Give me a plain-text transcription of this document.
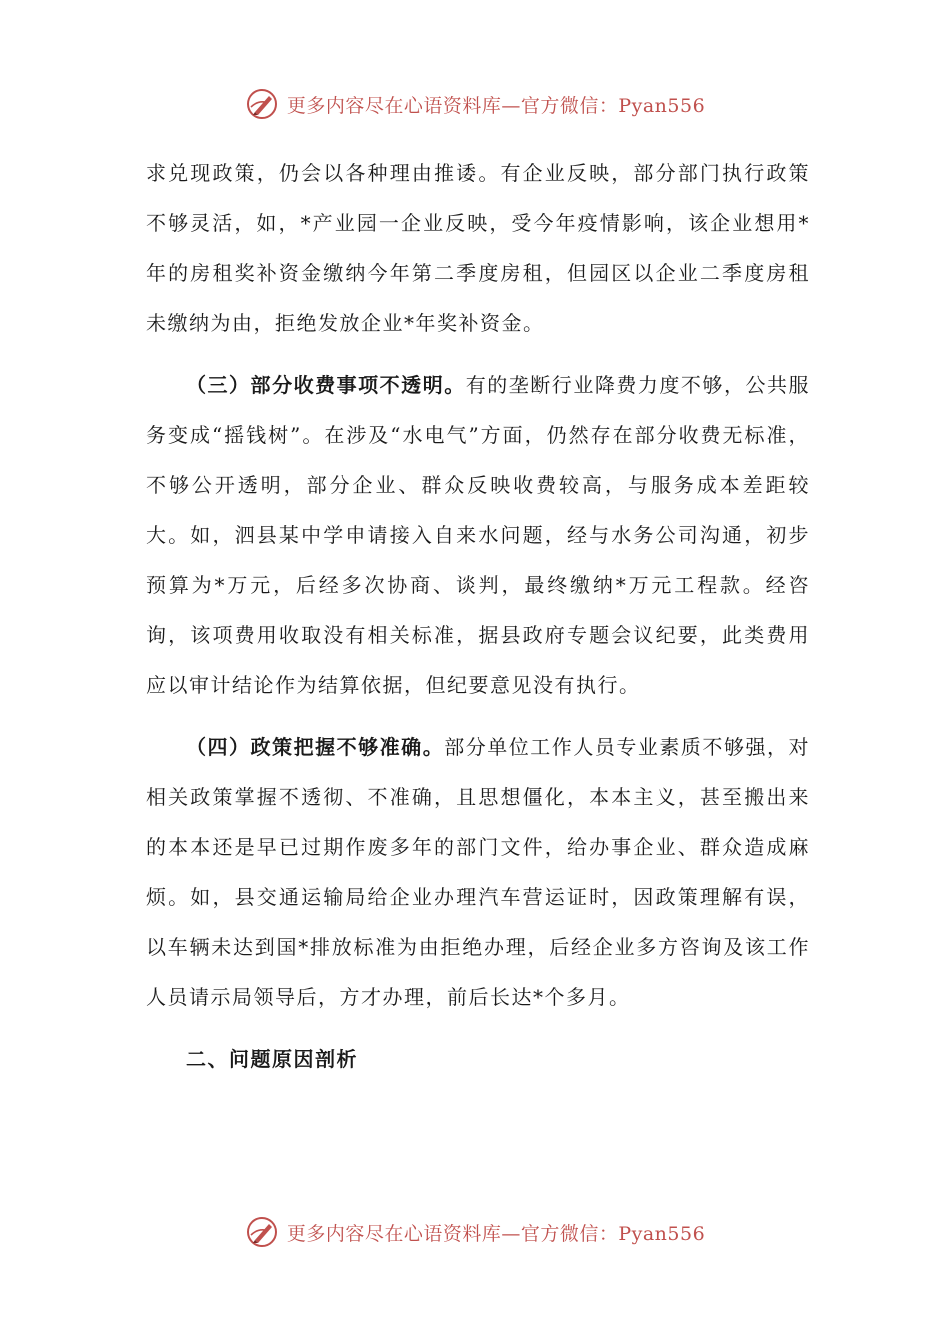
更多内容尽在心语资料库—官方微信：Pyan556

求兑现政策，仍会以各种理由推诿。有企业反映，部分部门执行政策不够灵活，如，*产业园一企业反映，受今年疫情影响，该企业想用*年的房租奖补资金缴纳今年第二季度房租，但园区以企业二季度房租未缴纳为由，拒绝发放企业*年奖补资金。

（三）部分收费事项不透明。有的垄断行业降费力度不够，公共服务变成“摇钱树”。在涉及“水电气”方面，仍然存在部分收费无标准，不够公开透明，部分企业、群众反映收费较高，与服务成本差距较大。如，泗县某中学申请接入自来水问题，经与水务公司沟通，初步预算为*万元，后经多次协商、谈判，最终缴纳*万元工程款。经咨询，该项费用收取没有相关标准，据县政府专题会议纪要，此类费用应以审计结论作为结算依据，但纪要意见没有执行。

（四）政策把握不够准确。部分单位工作人员专业素质不够强，对相关政策掌握不透彻、不准确，且思想僵化，本本主义，甚至搬出来的本本还是早已过期作废多年的部门文件，给办事企业、群众造成麻烦。如，县交通运输局给企业办理汽车营运证时，因政策理解有误，以车辆未达到国*排放标准为由拒绝办理，后经企业多方咨询及该工作人员请示局领导后，方才办理，前后长达*个多月。

二、问题原因剖析

更多内容尽在心语资料库—官方微信：Pyan556
